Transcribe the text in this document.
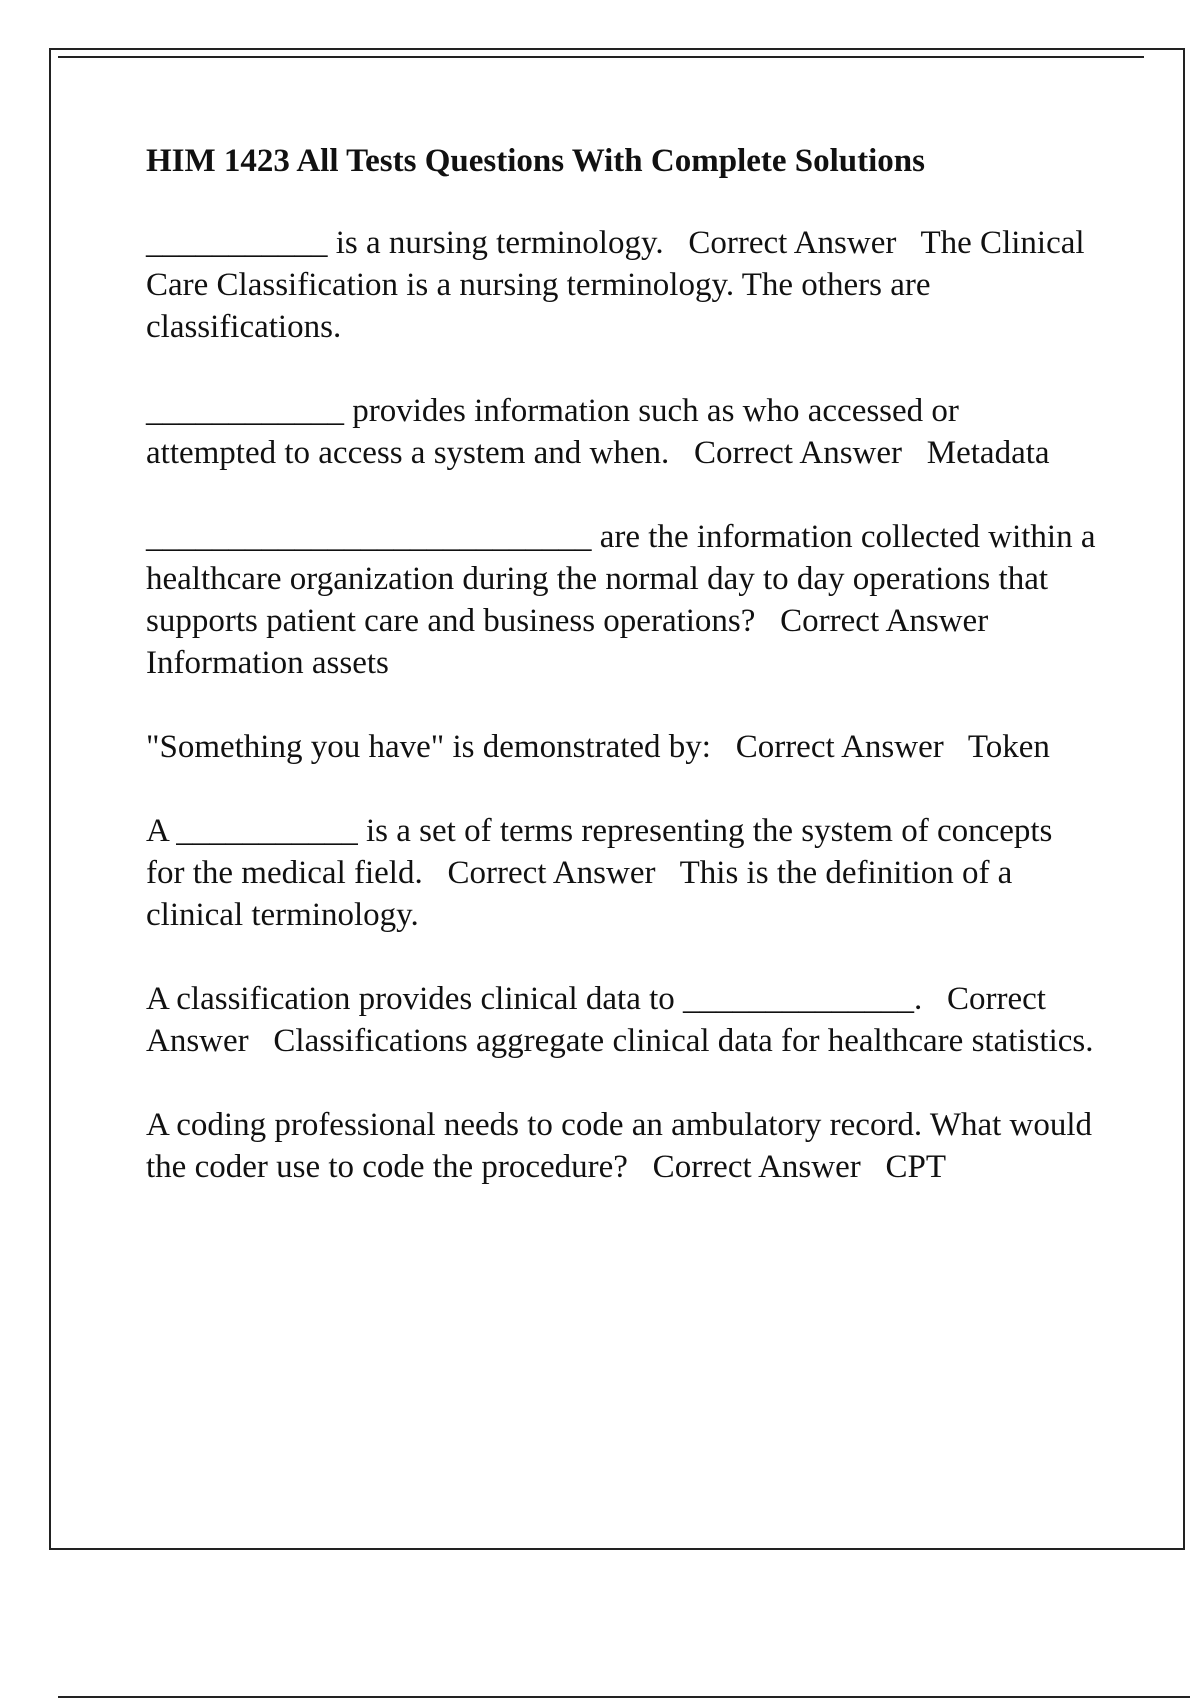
HIM 1423 All Tests Questions With Complete Solutions

___________ is a nursing terminology.   Correct Answer   The Clinical Care Classification is a nursing terminology. The others are classifications.

____________ provides information such as who accessed or attempted to access a system and when.   Correct Answer   Metadata

___________________________ are the information collected within a healthcare organization during the normal day to day operations that supports patient care and business operations?   Correct Answer   Information assets

"Something you have" is demonstrated by:   Correct Answer   Token

A ___________ is a set of terms representing the system of concepts for the medical field.   Correct Answer   This is the definition of a clinical terminology.

A classification provides clinical data to ______________.   Correct Answer   Classifications aggregate clinical data for healthcare statistics.

A coding professional needs to code an ambulatory record. What would the coder use to code the procedure?   Correct Answer   CPT
